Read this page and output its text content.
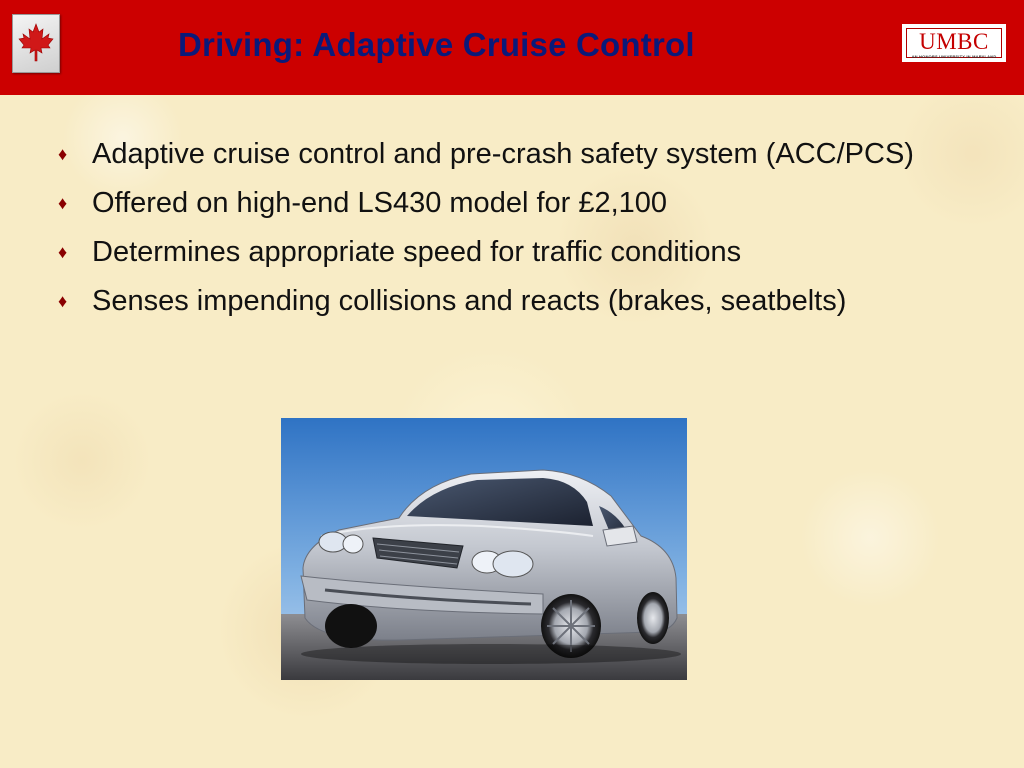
Driving: Adaptive Cruise Control	UMBC
AN HONORS UNIVERSITY IN MARYLAND
♦ Adaptive cruise control and pre-crash safety system (ACC/PCS)
♦ Offered on high-end LS430 model for £2,100
♦ Determines appropriate speed for traffic conditions
♦ Senses impending collisions and reacts (brakes, seatbelts)
